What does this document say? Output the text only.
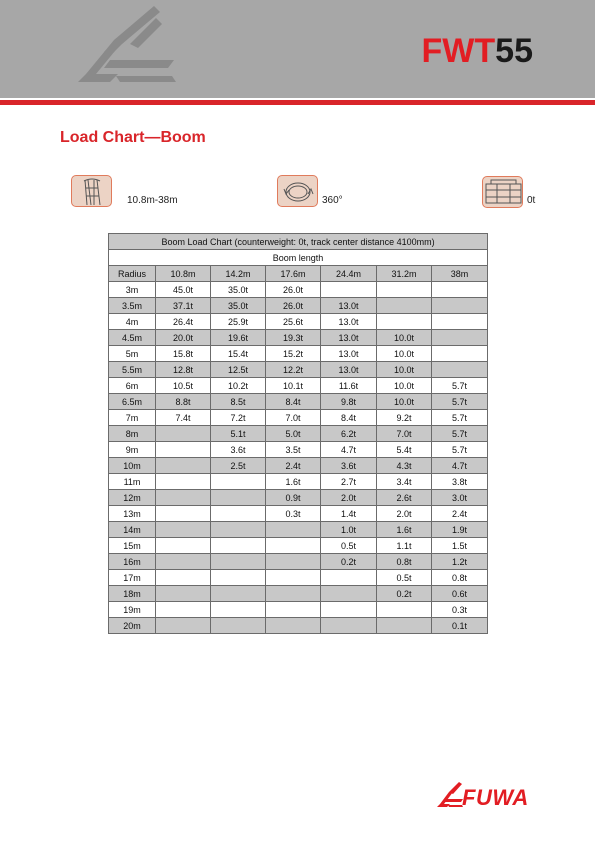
FWT55
Load Chart—Boom
10.8m-38m	360°	0t
Boom Load Chart (counterweight: 0t, track center distance 4100mm)						
Boom length						
Radius	10.8m	14.2m	17.6m	24.4m	31.2m	38m
3m	45.0t	35.0t	26.0t			
3.5m	37.1t	35.0t	26.0t	13.0t		
4m	26.4t	25.9t	25.6t	13.0t		
4.5m	20.0t	19.6t	19.3t	13.0t	10.0t	
5m	15.8t	15.4t	15.2t	13.0t	10.0t	
5.5m	12.8t	12.5t	12.2t	13.0t	10.0t	
6m	10.5t	10.2t	10.1t	11.6t	10.0t	5.7t
6.5m	8.8t	8.5t	8.4t	9.8t	10.0t	5.7t
7m	7.4t	7.2t	7.0t	8.4t	9.2t	5.7t
8m		5.1t	5.0t	6.2t	7.0t	5.7t
9m		3.6t	3.5t	4.7t	5.4t	5.7t
10m		2.5t	2.4t	3.6t	4.3t	4.7t
11m			1.6t	2.7t	3.4t	3.8t
12m			0.9t	2.0t	2.6t	3.0t
13m			0.3t	1.4t	2.0t	2.4t
14m				1.0t	1.6t	1.9t
15m				0.5t	1.1t	1.5t
16m				0.2t	0.8t	1.2t
17m					0.5t	0.8t
18m					0.2t	0.6t
19m						0.3t
20m						0.1t
FUWA
